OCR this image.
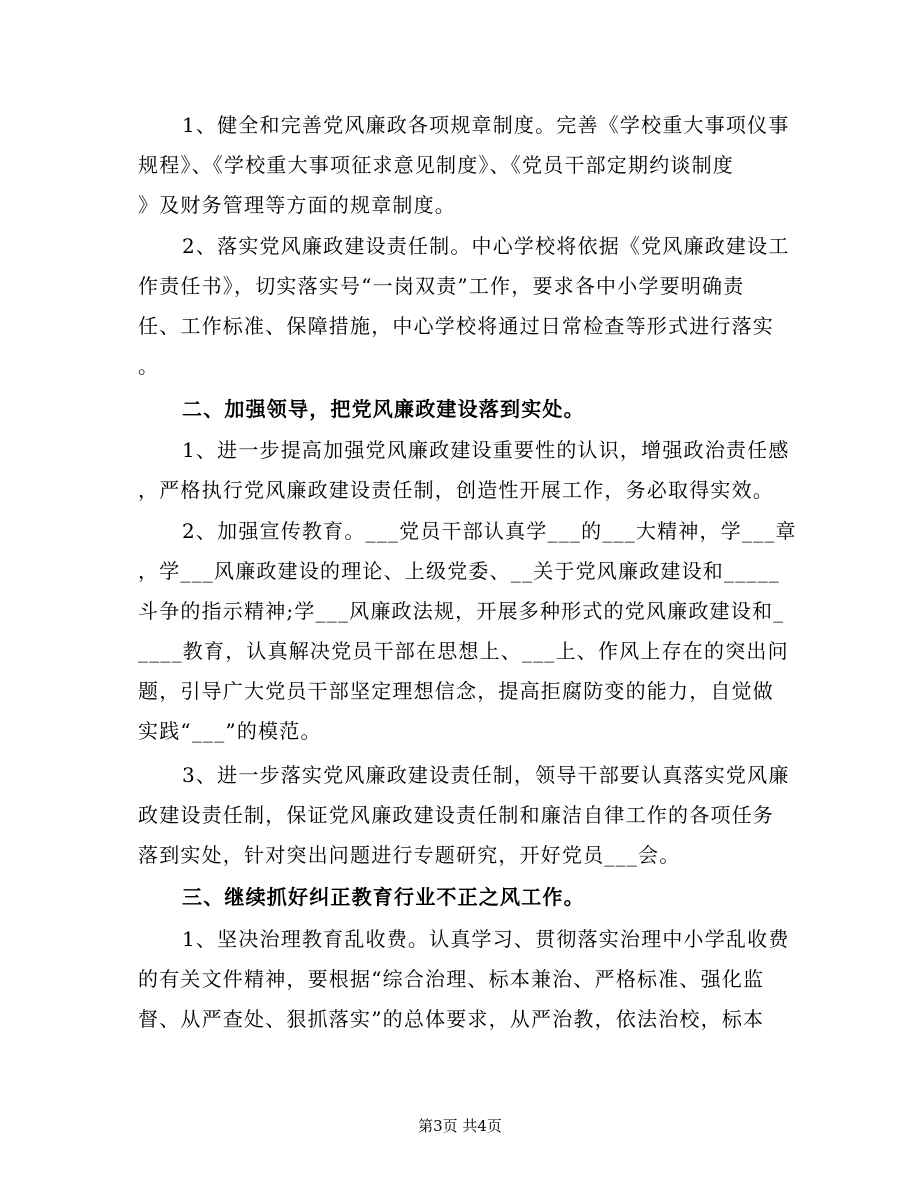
1、健全和完善党风廉政各项规章制度。完善《学校重大事项仪事
规程》、《学校重大事项征求意见制度》、《党员干部定期约谈制度
》及财务管理等方面的规章制度。
2、落实党风廉政建设责任制。中心学校将依据《党风廉政建设工
作责任书》，切实落实号“一岗双责”工作，要求各中小学要明确责
任、工作标准、保障措施，中心学校将通过日常检查等形式进行落实
。
二、加强领导，把党风廉政建设落到实处。
1、进一步提高加强党风廉政建设重要性的认识，增强政治责任感
，严格执行党风廉政建设责任制，创造性开展工作，务必取得实效。
2、加强宣传教育。___党员干部认真学___的___大精神，学___章
，学___风廉政建设的理论、上级党委、__关于党风廉政建设和_____
斗争的指示精神;学___风廉政法规，开展多种形式的党风廉政建设和_
____教育，认真解决党员干部在思想上、___上、作风上存在的突出问
题，引导广大党员干部坚定理想信念，提高拒腐防变的能力，自觉做
实践“___”的模范。
3、进一步落实党风廉政建设责任制，领导干部要认真落实党风廉
政建设责任制，保证党风廉政建设责任制和廉洁自律工作的各项任务
落到实处，针对突出问题进行专题研究，开好党员___会。
三、继续抓好纠正教育行业不正之风工作。
1、坚决治理教育乱收费。认真学习、贯彻落实治理中小学乱收费
的有关文件精神，要根据“综合治理、标本兼治、严格标准、强化监
督、从严查处、狠抓落实”的总体要求，从严治教，依法治校，标本
第3页 共4页
